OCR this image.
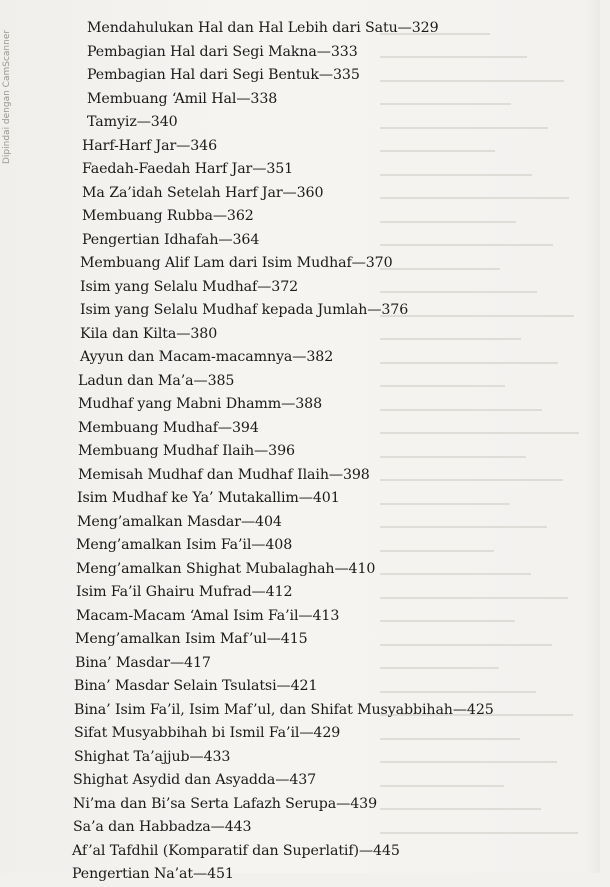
Dipindai dengan CamScanner
Mendahulukan Hal dan Hal Lebih dari Satu—329
Pembagian Hal dari Segi Makna—333
Pembagian Hal dari Segi Bentuk—335
Membuang ‘Amil Hal—338
Tamyiz—340
Harf-Harf Jar—346
Faedah-Faedah Harf Jar—351
Ma Za’idah Setelah Harf Jar—360
Membuang Rubba—362
Pengertian Idhafah—364
Membuang Alif Lam dari Isim Mudhaf—370
Isim yang Selalu Mudhaf—372
Isim yang Selalu Mudhaf kepada Jumlah—376
Kila dan Kilta—380
Ayyun dan Macam-macamnya—382
Ladun dan Ma’a—385
Mudhaf yang Mabni Dhamm—388
Membuang Mudhaf—394
Membuang Mudhaf Ilaih—396
Memisah Mudhaf dan Mudhaf Ilaih—398
Isim Mudhaf ke Ya’ Mutakallim—401
Meng’amalkan Masdar—404
Meng’amalkan Isim Fa’il—408
Meng’amalkan Shighat Mubalaghah—410
Isim Fa’il Ghairu Mufrad—412
Macam-Macam ‘Amal Isim Fa’il—413
Meng’amalkan Isim Maf’ul—415
Bina’ Masdar—417
Bina’ Masdar Selain Tsulatsi—421
Bina’ Isim Fa’il, Isim Maf’ul, dan Shifat Musyabbihah—425
Sifat Musyabbihah bi Ismil Fa’il—429
Shighat Ta’ajjub—433
Shighat Asydid dan Asyadda—437
Ni’ma dan Bi’sa Serta Lafazh Serupa—439
Sa’a dan Habbadza—443
Af’al Tafdhil (Komparatif dan Superlatif)—445
Pengertian Na’at—451
